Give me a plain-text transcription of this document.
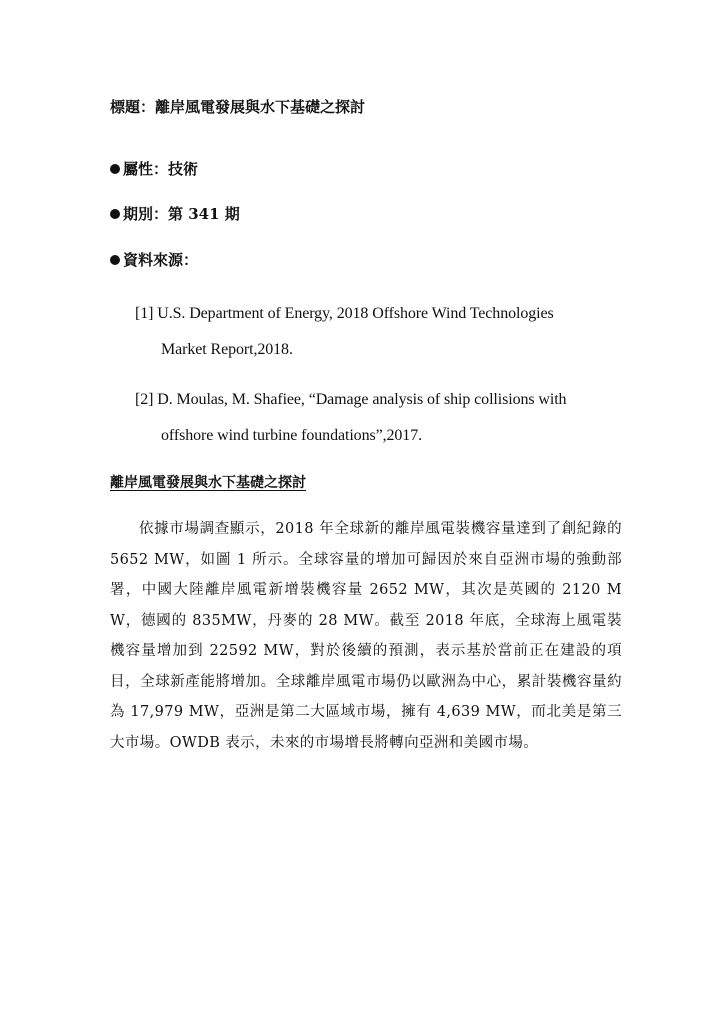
標題：離岸風電發展與水下基礎之探討
屬性：技術
期別：第 341 期
資料來源：
[1] U.S. Department of Energy, 2018 Offshore Wind Technologies
Market Report,2018.
[2] D. Moulas, M. Shafiee, “Damage analysis of ship collisions with
offshore wind turbine foundations”,2017.
離岸風電發展與水下基礎之探討
依據市場調查顯示，2018 年全球新的離岸風電裝機容量達到了創紀錄的 5652 MW，如圖 1 所示。全球容量的增加可歸因於來自亞洲市場的強動部署，中國大陸離岸風電新增裝機容量 2652 MW，其次是英國的 2120 MW，德國的 835MW，丹麥的 28 MW。截至 2018 年底，全球海上風電裝機容量增加到 22592 MW，對於後續的預測，表示基於當前正在建設的項目，全球新產能將增加。全球離岸風電市場仍以歐洲為中心，累計裝機容量約為 17,979 MW，亞洲是第二大區域市場，擁有 4,639 MW，而北美是第三大市場。OWDB 表示，未來的市場增長將轉向亞洲和美國市場。
